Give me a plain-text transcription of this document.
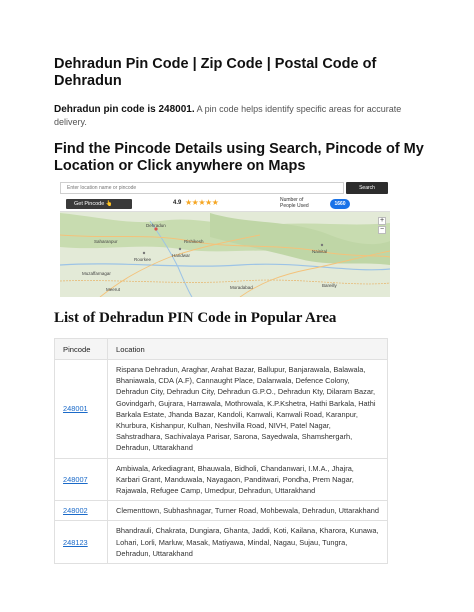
Dehradun Pin Code | Zip Code | Postal Code of Dehradun
Dehradun pin code is 248001. A pin code helps identify specific areas for accurate delivery.
Find the Pincode Details using Search, Pincode of My Location or Click anywhere on Maps
Enter location name or pincode
Search
Get Pincode 👆	4.9 ★★★★★	Number of People Used	1660
Dehradun
Haridwar
Roorkee
Rishikesh
Meerut
Muzaffarnagar
Moradabad	Bareilly
Nainital
Saharanpur
+
−
List of Dehradun PIN Code in Popular Area
Pincode	Location
248001	Rispana Dehradun, Araghar, Arahat Bazar, Ballupur, Banjarawala, Balawala, Bhaniawala, CDA (A.F), Cannaught Place, Dalanwala, Defence Colony, Dehradun City, Dehradun City, Dehradun G.P.O., Dehradun Kty, Dilaram Bazar, Govindgarh, Gujrara, Harrawala, Mothrowala, K.P.Kshetra, Hathi Barkala, Hathi Barkala Estate, Jhanda Bazar, Kandoli, Kanwali, Kanwali Road, Karanpur, Khurbura, Kishanpur, Kulhan, Neshvilla Road, NIVH, Patel Nagar, Sahstradhara, Sachivalaya Parisar, Sarona, Sayedwala, Shamshergarh, Dehradun, Uttarakhand
248007	Ambiwala, Arkediagrant, Bhauwala, Bidholi, Chandanwari, I.M.A., Jhajra, Karbari Grant, Manduwala, Nayagaon, Panditwari, Pondha, Prem Nagar, Rajawala, Refugee Camp, Umedpur, Dehradun, Uttarakhand
248002	Clementtown, Subhashnagar, Turner Road, Mohbewala, Dehradun, Uttarakhand
248123	Bhandrauli, Chakrata, Dungiara, Ghanta, Jaddi, Koti, Kailana, Kharora, Kunawa, Lohari, Lorli, Marluw, Masak, Matiyawa, Mindal, Nagau, Sujau, Tungra, Dehradun, Uttarakhand
